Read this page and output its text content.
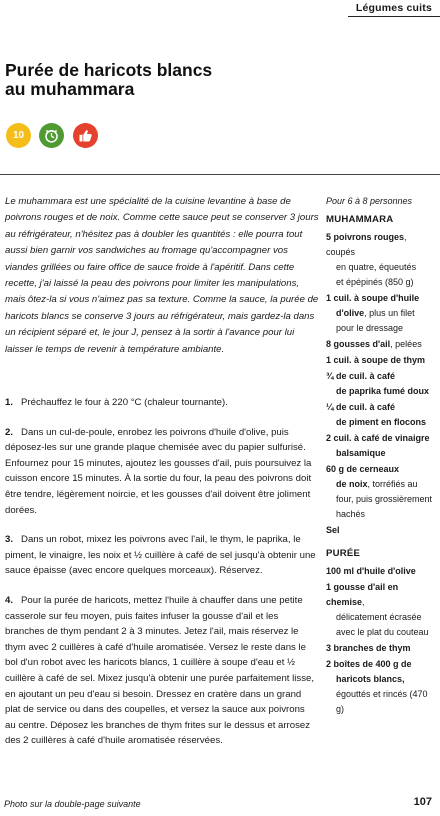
Légumes cuits
Purée de haricots blancs
au muhammara
10

Le muhammara est une spécialité de la cuisine levantine à base de poivrons rouges et de noix. Comme cette sauce peut se conserver 3 jours au réfrigérateur, n'hésitez pas à doubler les quantités : elle pourra tout aussi bien garnir vos sandwiches au fromage qu'accompagner vos viandes grillées ou faire office de sauce froide à l'apéritif. Dans cette recette, j'ai laissé la peau des poivrons pour limiter les manipulations, mais ôtez-la si vous n'aimez pas sa texture. Comme la sauce, la purée de haricots blancs se conserve 3 jours au réfrigérateur, mais gardez-la dans un récipient séparé et, le jour J, pensez à la sortir à l'avance pour lui laisser le temps de revenir à température ambiante.

1. Préchauffez le four à 220 °C (chaleur tournante).

2. Dans un cul-de-poule, enrobez les poivrons d'huile d'olive, puis déposez-les sur une grande plaque chemisée avec du papier sulfurisé. Enfournez pour 15 minutes, ajoutez les gousses d'ail, puis poursuivez la cuisson encore 15 minutes. À la sortie du four, la peau des poivrons doit être tendre, légèrement noircie, et les gousses d'ail doivent être joliment dorées.

3. Dans un robot, mixez les poivrons avec l'ail, le thym, le paprika, le piment, le vinaigre, les noix et ½ cuillère à café de sel jusqu'à obtenir une sauce épaisse (avec encore quelques morceaux). Réservez.

4. Pour la purée de haricots, mettez l'huile à chauffer dans une petite casserole sur feu moyen, puis faites infuser la gousse d'ail et les branches de thym pendant 2 à 3 minutes. Jetez l'ail, mais réservez le thym avec 2 cuillères à café d'huile aromatisée. Versez le reste dans le bol d'un robot avec les haricots blancs, 1 cuillère à soupe d'eau et ½ cuillère à café de sel. Mixez jusqu'à obtenir une purée parfaitement lisse, en ajoutant un peu d'eau si besoin. Dressez en cratère dans un grand plat de service ou dans des coupelles, et versez la sauce aux poivrons au centre. Déposez les branches de thym frites sur le dessus et arrosez des 2 cuillères à café d'huile aromatisée réservées.

Pour 6 à 8 personnes

MUHAMMARA

5 poivrons rouges, coupés
en quatre, équeutés
et épépinés (850 g)

1 cuil. à soupe d'huile
d'olive, plus un filet
pour le dressage

8 gousses d'ail, pelées

1 cuil. à soupe de thym

¾ de cuil. à café
de paprika fumé doux

¼ de cuil. à café
de piment en flocons

2 cuil. à café de vinaigre
balsamique

60 g de cerneaux
de noix, torréfiés au
four, puis grossièrement
hachés

Sel

PURÉE

100 ml d'huile d'olive

1 gousse d'ail en chemise,
délicatement écrasée
avec le plat du couteau

3 branches de thym

2 boîtes de 400 g de
haricots blancs,
égouttés et rincés (470 g)

Photo sur la double-page suivante	107
